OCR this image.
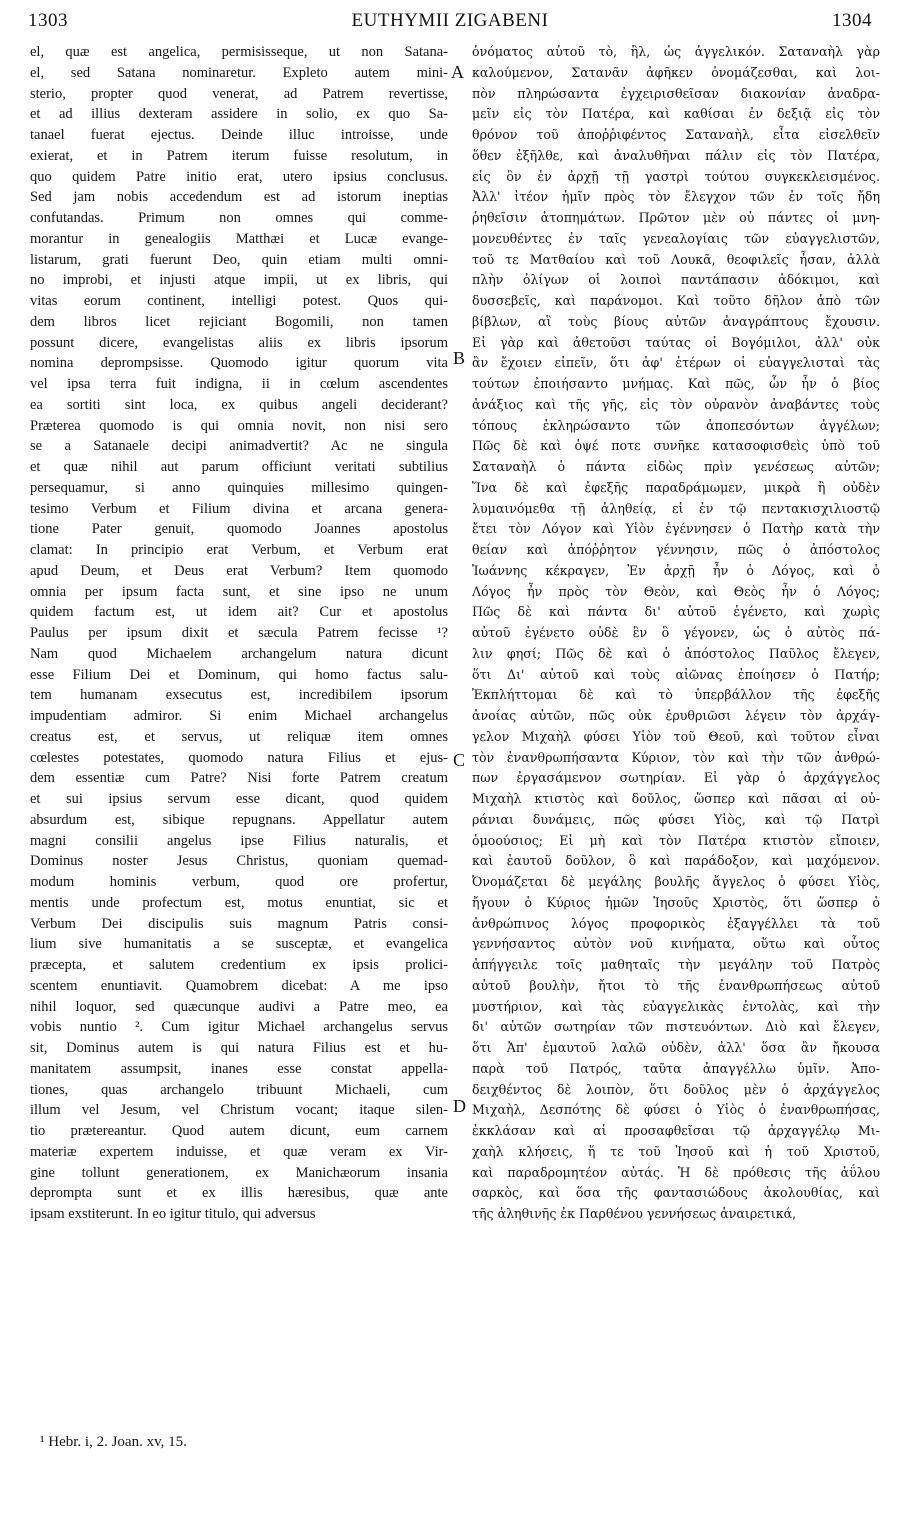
1303	EUTHYMII ZIGABENI	1304
el, quæ est angelica, permisisseque, ut non Satana-
el, sed Satana nominaretur. Expleto autem mini-
sterio, propter quod venerat, ad Patrem revertisse,
et ad illius dexteram assidere in solio, ex quo Sa-
tanael fuerat ejectus. Deinde illuc introisse, unde
exierat, et in Patrem iterum fuisse resolutum, in
quo quidem Patre initio erat, utero ipsius conclusus.
Sed jam nobis accedendum est ad istorum ineptias
confutandas. Primum non omnes qui comme-
morantur in genealogiis Matthæi et Lucæ evange-
listarum, grati fuerunt Deo, quin etiam multi omni-
no improbi, et injusti atque impii, ut ex libris, qui
vitas eorum continent, intelligi potest. Quos qui-
dem libros licet rejiciant Bogomili, non tamen
possunt dicere, evangelistas aliis ex libris ipsorum
nomina deprompsisse. Quomodo igitur quorum vita
vel ipsa terra fuit indigna, ii in cœlum ascendentes
ea sortiti sint loca, ex quibus angeli deciderant?
Præterea quomodo is qui omnia novit, non nisi sero
se a Satanaele decipi animadvertit? Ac ne singula
et quæ nihil aut parum officiunt veritati subtilius
persequamur, si anno quinquies millesimo quingen-
tesimo Verbum et Filium divina et arcana genera-
tione Pater genuit, quomodo Joannes apostolus
clamat: In principio erat Verbum, et Verbum erat
apud Deum, et Deus erat Verbum? Item quomodo
omnia per ipsum facta sunt, et sine ipso ne unum
quidem factum est, ut idem ait? Cur et apostolus
Paulus per ipsum dixit et sæcula Patrem fecisse ¹?
Nam quod Michaelem archangelum natura dicunt
esse Filium Dei et Dominum, qui homo factus salu-
tem humanam exsecutus est, incredibilem ipsorum
impudentiam admiror. Si enim Michael archangelus
creatus est, et servus, ut reliquæ item omnes
cœlestes potestates, quomodo natura Filius et ejus-
dem essentiæ cum Patre? Nisi forte Patrem creatum
et sui ipsius servum esse dicant, quod quidem
absurdum est, sibique repugnans. Appellatur autem
magni consilii angelus ipse Filius naturalis, et
Dominus noster Jesus Christus, quoniam quemad-
modum hominis verbum, quod ore profertur,
mentis unde profectum est, motus enuntiat, sic et
Verbum Dei discipulis suis magnum Patris consi-
lium sive humanitatis a se susceptæ, et evangelica
præcepta, et salutem credentium ex ipsis prolici-
scentem enuntiavit. Quamobrem dicebat: A me ipso
nihil loquor, sed quæcunque audivi a Patre meo, ea
vobis nuntio ². Cum igitur Michael archangelus servus
sit, Dominus autem is qui natura Filius est et hu-
manitatem assumpsit, inanes esse constat appella-
tiones, quas archangelo tribuunt Michaeli, cum
illum vel Jesum, vel Christum vocant; itaque silen-
tio prætereantur. Quod autem dicunt, eum carnem
materiæ expertem induisse, et quæ veram ex Vir-
gine tollunt generationem, ex Manichæorum insania
deprompta sunt et ex illis hæresibus, quæ ante
ipsam exstiterunt. In eo igitur titulo, qui adversus
ὀνόματος αὐτοῦ τὸ, ἢλ, ὡς ἀγγελικόν. Σαταναὴλ γὰρ
καλούμενον, Σατανᾶν ἀφῆκεν ὀνομάζεσθαι, καὶ λοι-
πὸν πληρώσαντα ἐγχειρισθεῖσαν διακονίαν ἀναδρα-
μεῖν εἰς τὸν Πατέρα, καὶ καθίσαι ἐν δεξιᾷ εἰς τὸν
θρόνον τοῦ ἀποῤῥιφέντος Σαταναὴλ, εἶτα εἰσελθεῖν
ὅθεν ἐξῆλθε, καὶ ἀναλυθῆναι πάλιν εἰς τὸν Πατέρα,
εἰς ὃν ἐν ἀρχῇ τῇ γαστρὶ τούτου συγκεκλεισμένος.
Ἀλλ' ἰτέον ἡμῖν πρὸς τὸν ἔλεγχον τῶν ἐν τοῖς ἤδη
ῥηθεῖσιν ἀτοπημάτων. Πρῶτον μὲν οὐ πάντες οἱ μνη-
μονευθέντες ἐν ταῖς γενεαλογίαις τῶν εὐαγγελιστῶν,
τοῦ τε Ματθαίου καὶ τοῦ Λουκᾶ, θεοφιλεῖς ἦσαν, ἀλλὰ
πλὴν ὀλίγων οἱ λοιποὶ παντάπασιν ἀδόκιμοι, καὶ
δυσσεβεῖς, καὶ παράνομοι. Καὶ τοῦτο δῆλον ἀπὸ τῶν
βίβλων, αἳ τοὺς βίους αὐτῶν ἀναγράπτους ἔχουσιν.
Εἰ γὰρ καὶ ἀθετοῦσι ταύτας οἱ Βογόμιλοι, ἀλλ' οὐκ
ἂν ἔχοιεν εἰπεῖν, ὅτι ἀφ' ἑτέρων οἱ εὐαγγελισταὶ τὰς
τούτων ἐποιήσαντο μνήμας. Καὶ πῶς, ὧν ἦν ὁ βίος
ἀνάξιος καὶ τῆς γῆς, εἰς τὸν οὐρανὸν ἀναβάντες τοὺς
τόπους ἐκληρώσαντο τῶν ἀποπεσόντων ἀγγέλων;
Πῶς δὲ καὶ ὀψέ ποτε συνῆκε κατασοφισθεὶς ὑπὸ τοῦ
Σαταναὴλ ὁ πάντα εἰδὼς πρὶν γενέσεως αὐτῶν;
Ἵνα δὲ καὶ ἐφεξῆς παραδράμωμεν, μικρὰ ἢ οὐδὲν
λυμαινόμεθα τῇ ἀληθείᾳ, εἰ ἐν τῷ πεντακισχιλιοστῷ
ἔτει τὸν Λόγον καὶ Υἱὸν ἐγέννησεν ὁ Πατὴρ κατὰ τὴν
θείαν καὶ ἀπόῤῥητον γέννησιν, πῶς ὁ ἀπόστολος
Ἰωάννης κέκραγεν, Ἐν ἀρχῇ ἦν ὁ Λόγος, καὶ ὁ
Λόγος ἦν πρὸς τὸν Θεὸν, καὶ Θεὸς ἦν ὁ Λόγος;
Πῶς δὲ καὶ πάντα δι' αὐτοῦ ἐγένετο, καὶ χωρὶς
αὐτοῦ ἐγένετο οὐδὲ ἓν ὃ γέγονεν, ὡς ὁ αὐτὸς πά-
λιν φησί; Πῶς δὲ καὶ ὁ ἀπόστολος Παῦλος ἔλεγεν,
ὅτι Δι' αὐτοῦ καὶ τοὺς αἰῶνας ἐποίησεν ὁ Πατήρ;
Ἐκπλήττομαι δὲ καὶ τὸ ὑπερβάλλον τῆς ἐφεξῆς
ἀνοίας αὐτῶν, πῶς οὐκ ἐρυθριῶσι λέγειν τὸν ἀρχάγ-
γελον Μιχαὴλ φύσει Υἱὸν τοῦ Θεοῦ, καὶ τοῦτον εἶναι
τὸν ἐνανθρωπήσαντα Κύριον, τὸν καὶ τὴν τῶν ἀνθρώ-
πων ἐργασάμενον σωτηρίαν. Εἰ γὰρ ὁ ἀρχάγγελος
Μιχαὴλ κτιστὸς καὶ δοῦλος, ὥσπερ καὶ πᾶσαι αἱ οὐ-
ράνιαι δυνάμεις, πῶς φύσει Υἱὸς, καὶ τῷ Πατρὶ
ὁμοούσιος; Εἰ μὴ καὶ τὸν Πατέρα κτιστὸν εἴποιεν,
καὶ ἑαυτοῦ δοῦλον, ὃ καὶ παράδοξον, καὶ μαχόμενον.
Ὀνομάζεται δὲ μεγάλης βουλῆς ἄγγελος ὁ φύσει Υἱὸς,
ἤγουν ὁ Κύριος ἡμῶν Ἰησοῦς Χριστὸς, ὅτι ὥσπερ ὁ
ἀνθρώπινος λόγος προφορικὸς ἐξαγγέλλει τὰ τοῦ
γεννήσαντος αὐτὸν νοῦ κινήματα, οὕτω καὶ οὗτος
ἀπήγγειλε τοῖς μαθηταῖς τὴν μεγάλην τοῦ Πατρὸς
αὐτοῦ βουλὴν, ἤτοι τὸ τῆς ἐνανθρωπήσεως αὐτοῦ
μυστήριον, καὶ τὰς εὐαγγελικὰς ἐντολὰς, καὶ τὴν
δι' αὐτῶν σωτηρίαν τῶν πιστευόντων. Διὸ καὶ ἔλεγεν,
ὅτι Ἀπ' ἐμαυτοῦ λαλῶ οὐδὲν, ἀλλ' ὅσα ἂν ἤκουσα
παρὰ τοῦ Πατρός, ταῦτα ἀπαγγέλλω ὑμῖν. Ἀπο-
δειχθέντος δὲ λοιπὸν, ὅτι δοῦλος μὲν ὁ ἀρχάγγελος
Μιχαὴλ, Δεσπότης δὲ φύσει ὁ Υἱὸς ὁ ἐνανθρωπήσας,
ἐκκλάσαν καὶ αἱ προσαφθεῖσαι τῷ ἀρχαγγέλῳ Μι-
χαὴλ κλήσεις, ἥ τε τοῦ Ἰησοῦ καὶ ἡ τοῦ Χριστοῦ,
καὶ παραδρομητέον αὐτάς. Ἡ δὲ πρόθεσις τῆς ἀΰλου
σαρκὸς, καὶ ὅσα τῆς φαντασιώδους ἀκολουθίας, καὶ
τῆς ἀληθινῆς ἐκ Παρθένου γεννήσεως ἀναιρετικά,
A
B
C
D
¹ Hebr. i, 2. Joan. xv, 15.
